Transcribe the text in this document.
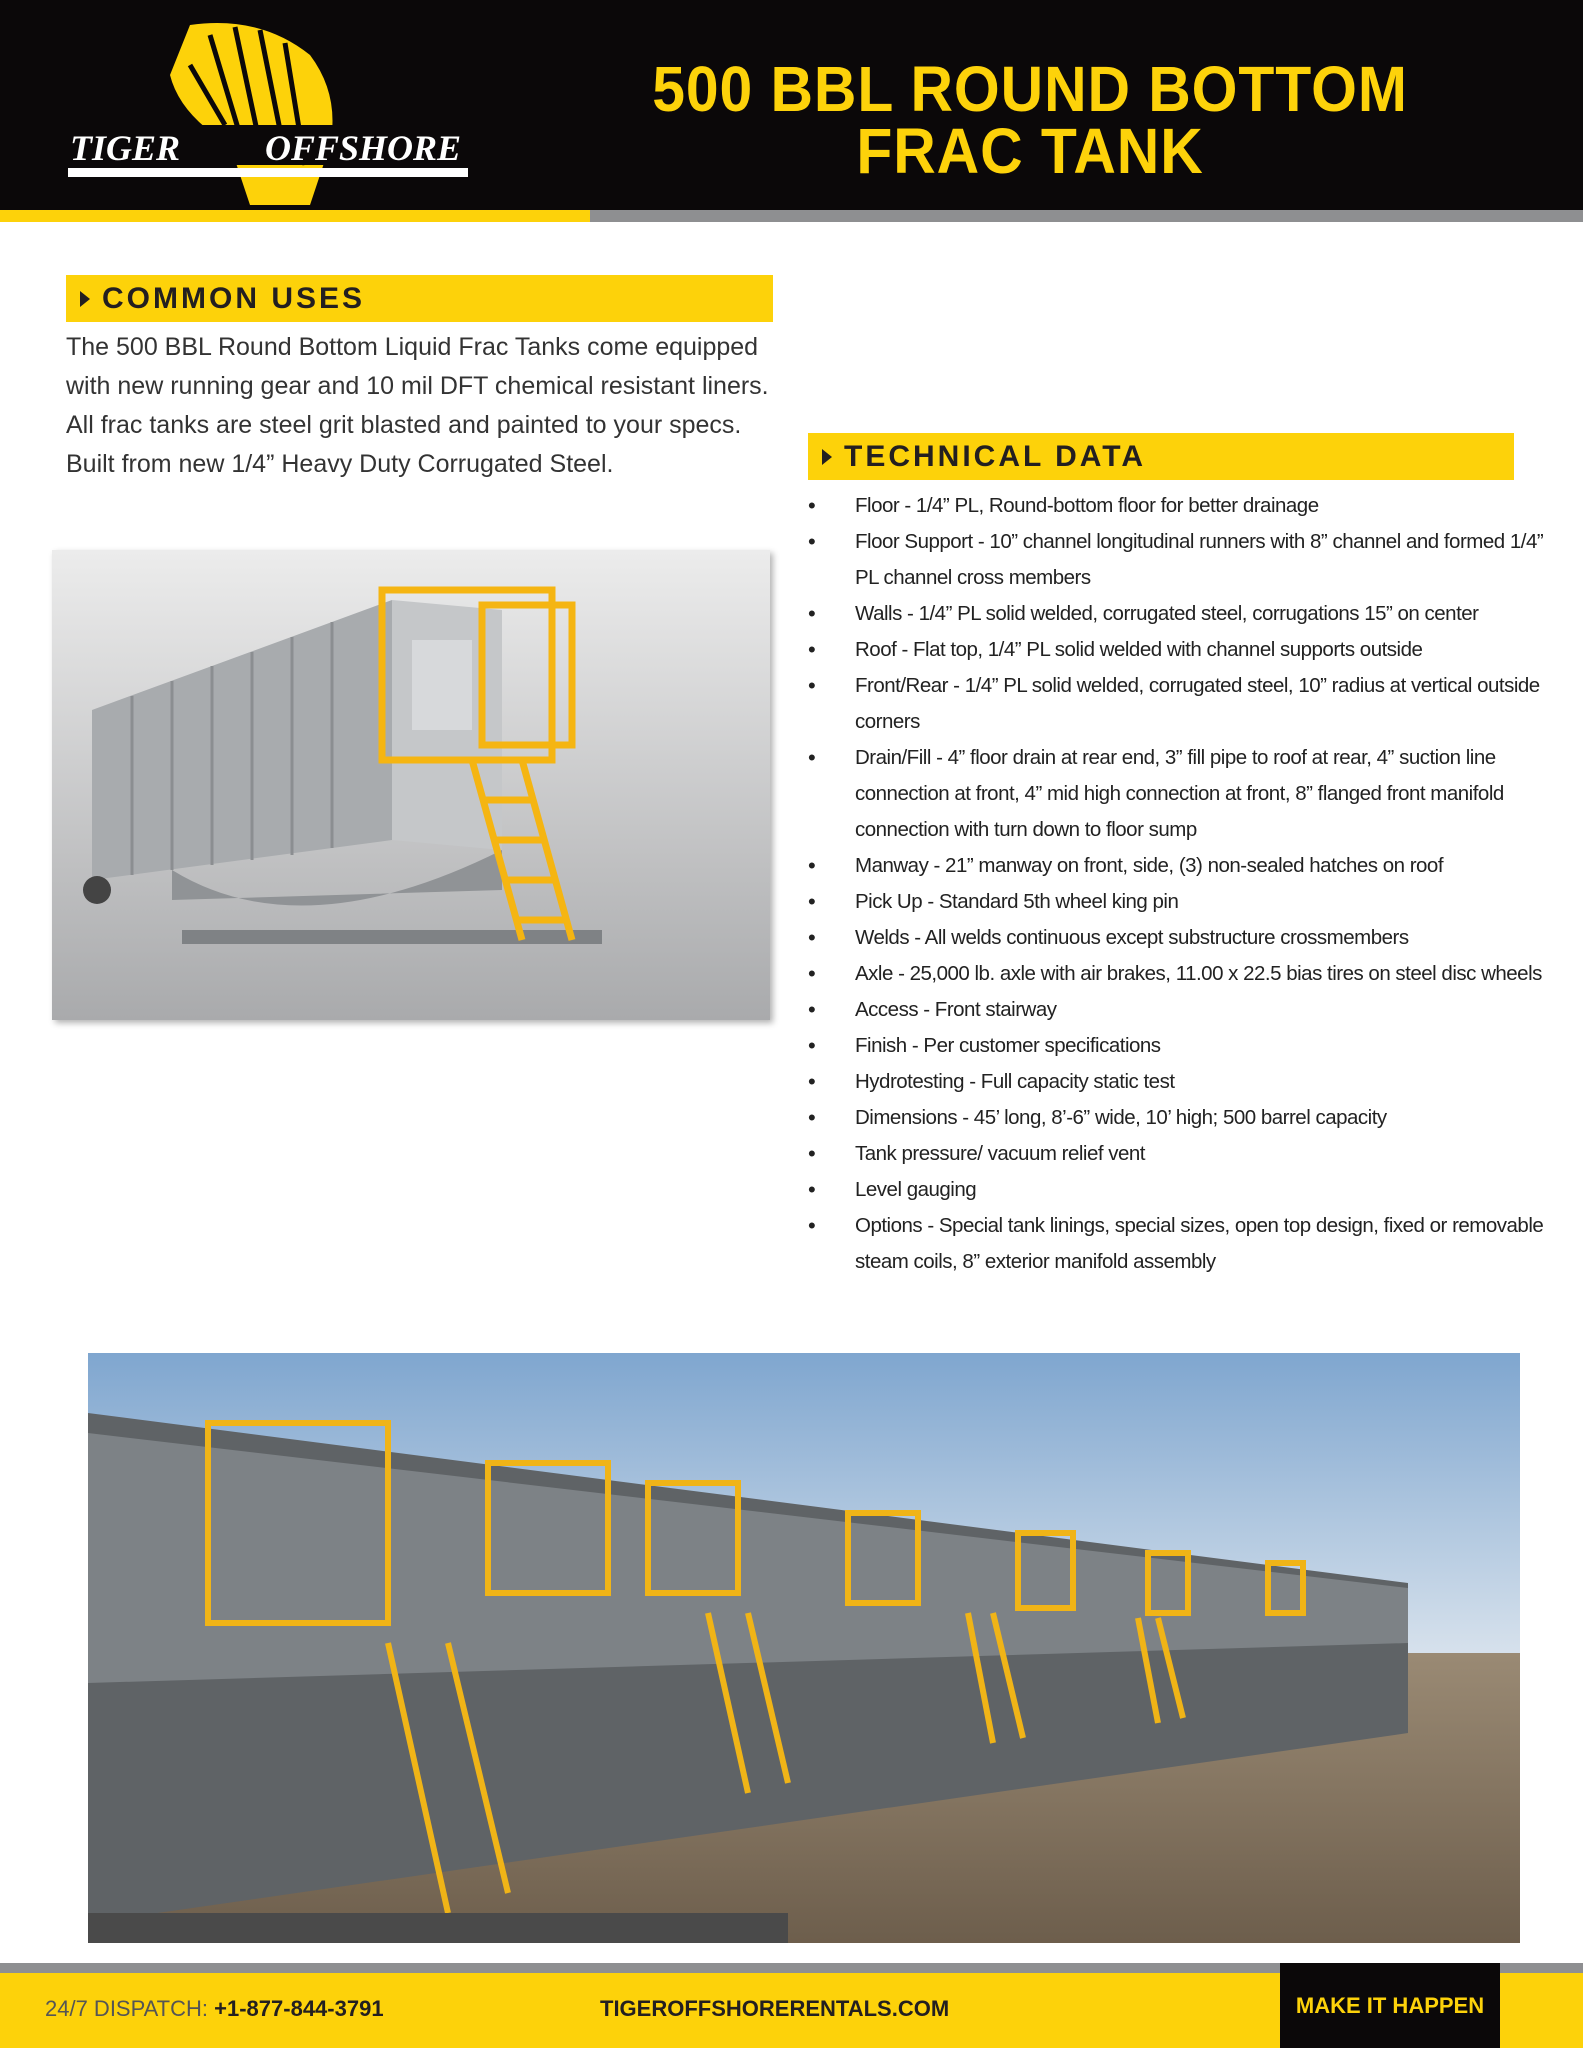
TIGER OFFSHORE
500 BBL ROUND BOTTOM
FRAC TANK
COMMON USES

The 500 BBL Round Bottom Liquid Frac Tanks come equipped with new running gear and 10 mil DFT chemical resistant liners. All frac tanks are steel grit blasted and painted to your specs. Built from new 1/4” Heavy Duty Corrugated Steel.	TECHNICAL DATA
• Floor - 1/4” PL, Round-bottom floor for better drainage
• Floor Support - 10” channel longitudinal runners with 8” channel and formed 1/4” PL channel cross members
• Walls - 1/4” PL solid welded, corrugated steel, corrugations 15” on center
• Roof - Flat top, 1/4” PL solid welded with channel supports outside
• Front/Rear - 1/4” PL solid welded, corrugated steel, 10” radius at vertical outside corners
• Drain/Fill - 4” floor drain at rear end, 3” fill pipe to roof at rear, 4” suction line connection at front, 4” mid high connection at front, 8” flanged front manifold connection with turn down to floor sump
• Manway - 21” manway on front, side, (3) non-sealed hatches on roof
• Pick Up - Standard 5th wheel king pin
• Welds - All welds continuous except substructure crossmembers
• Axle - 25,000 lb. axle with air brakes, 11.00 x 22.5 bias tires on steel disc wheels
• Access - Front stairway
• Finish - Per customer specifications
• Hydrotesting - Full capacity static test
• Dimensions - 45’ long, 8’-6” wide, 10’ high; 500 barrel capacity
• Tank pressure/ vacuum relief vent
• Level gauging
• Options - Special tank linings, special sizes, open top design, fixed or removable steam coils, 8” exterior manifold assembly
24/7 DISPATCH: +1-877-844-3791	TIGEROFFSHORERENTALS.COM	MAKE IT HAPPEN
